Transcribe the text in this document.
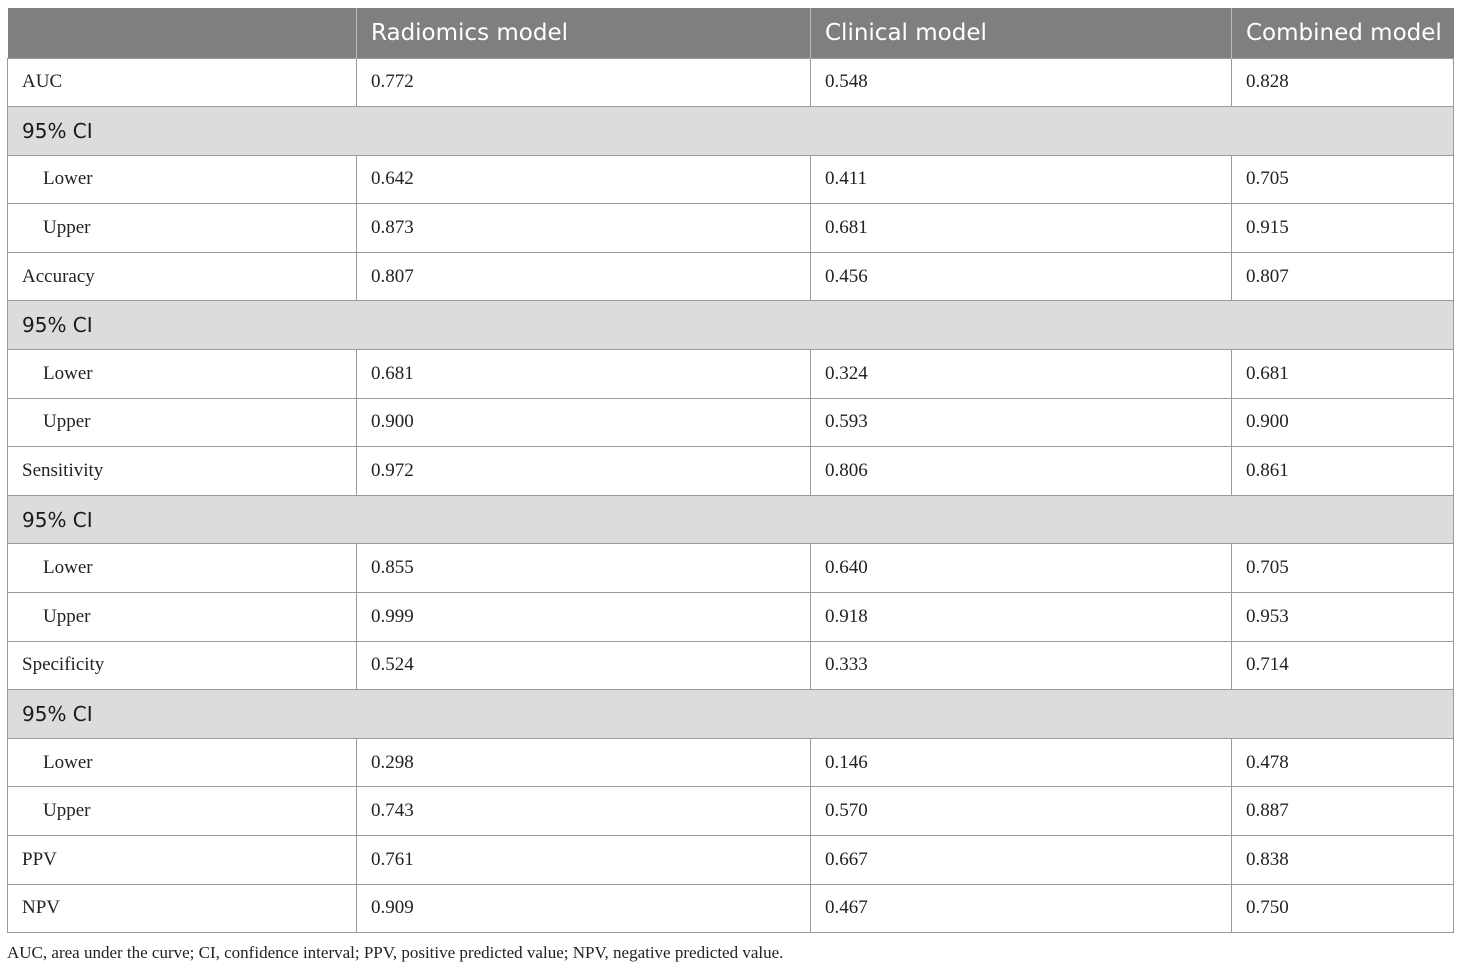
	Radiomics model	Clinical model	Combined model
AUC	0.772	0.548	0.828
95% CI			
Lower	0.642	0.411	0.705
Upper	0.873	0.681	0.915
Accuracy	0.807	0.456	0.807
95% CI			
Lower	0.681	0.324	0.681
Upper	0.900	0.593	0.900
Sensitivity	0.972	0.806	0.861
95% CI			
Lower	0.855	0.640	0.705
Upper	0.999	0.918	0.953
Specificity	0.524	0.333	0.714
95% CI			
Lower	0.298	0.146	0.478
Upper	0.743	0.570	0.887
PPV	0.761	0.667	0.838
NPV	0.909	0.467	0.750
AUC, area under the curve; CI, confidence interval; PPV, positive predicted value; NPV, negative predicted value.
